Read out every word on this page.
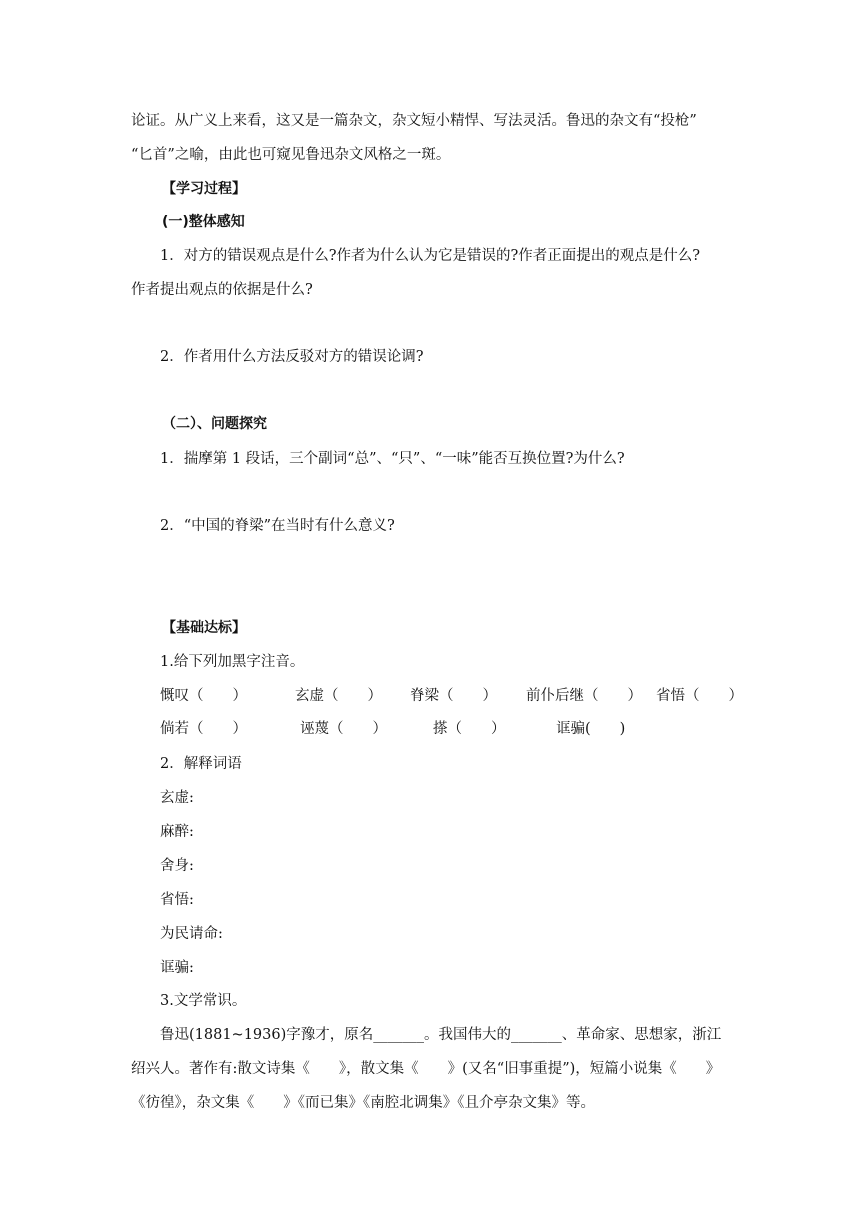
论证。从广义上来看，这又是一篇杂文，杂文短小精悍、写法灵活。鲁迅的杂文有“投枪”
“匕首”之喻，由此也可窥见鲁迅杂文风格之一斑。
【学习过程】
(一)整体感知
1．对方的错误观点是什么?作者为什么认为它是错误的?作者正面提出的观点是什么?
作者提出观点的依据是什么?
2．作者用什么方法反驳对方的错误论调?
（二）、问题探究
1．揣摩第 1 段话，三个副词“总”、“只”、“一味”能否互换位置?为什么?
2．“中国的脊梁”在当时有什么意义?
【基础达标】
1.给下列加黑字注音。
慨叹（　　）	玄虚（　　） 脊梁（　　） 前仆后继（　　） 省悟（　　）
倘若（　　）	诬蔑（　　）	搽（　　）	诓骗(　　)
2．解释词语
玄虚:
麻醉:
舍身:
省悟:
为民请命:
诓骗:
3.文学常识。
鲁迅(1881~1936)字豫才，原名_______。我国伟大的_______、革命家、思想家，浙江
绍兴人。著作有:散文诗集《　　》，散文集《　　》(又名“旧事重提”)，短篇小说集《　　》
《彷徨》，杂文集《　　》《而已集》《南腔北调集》《且介亭杂文集》等。
